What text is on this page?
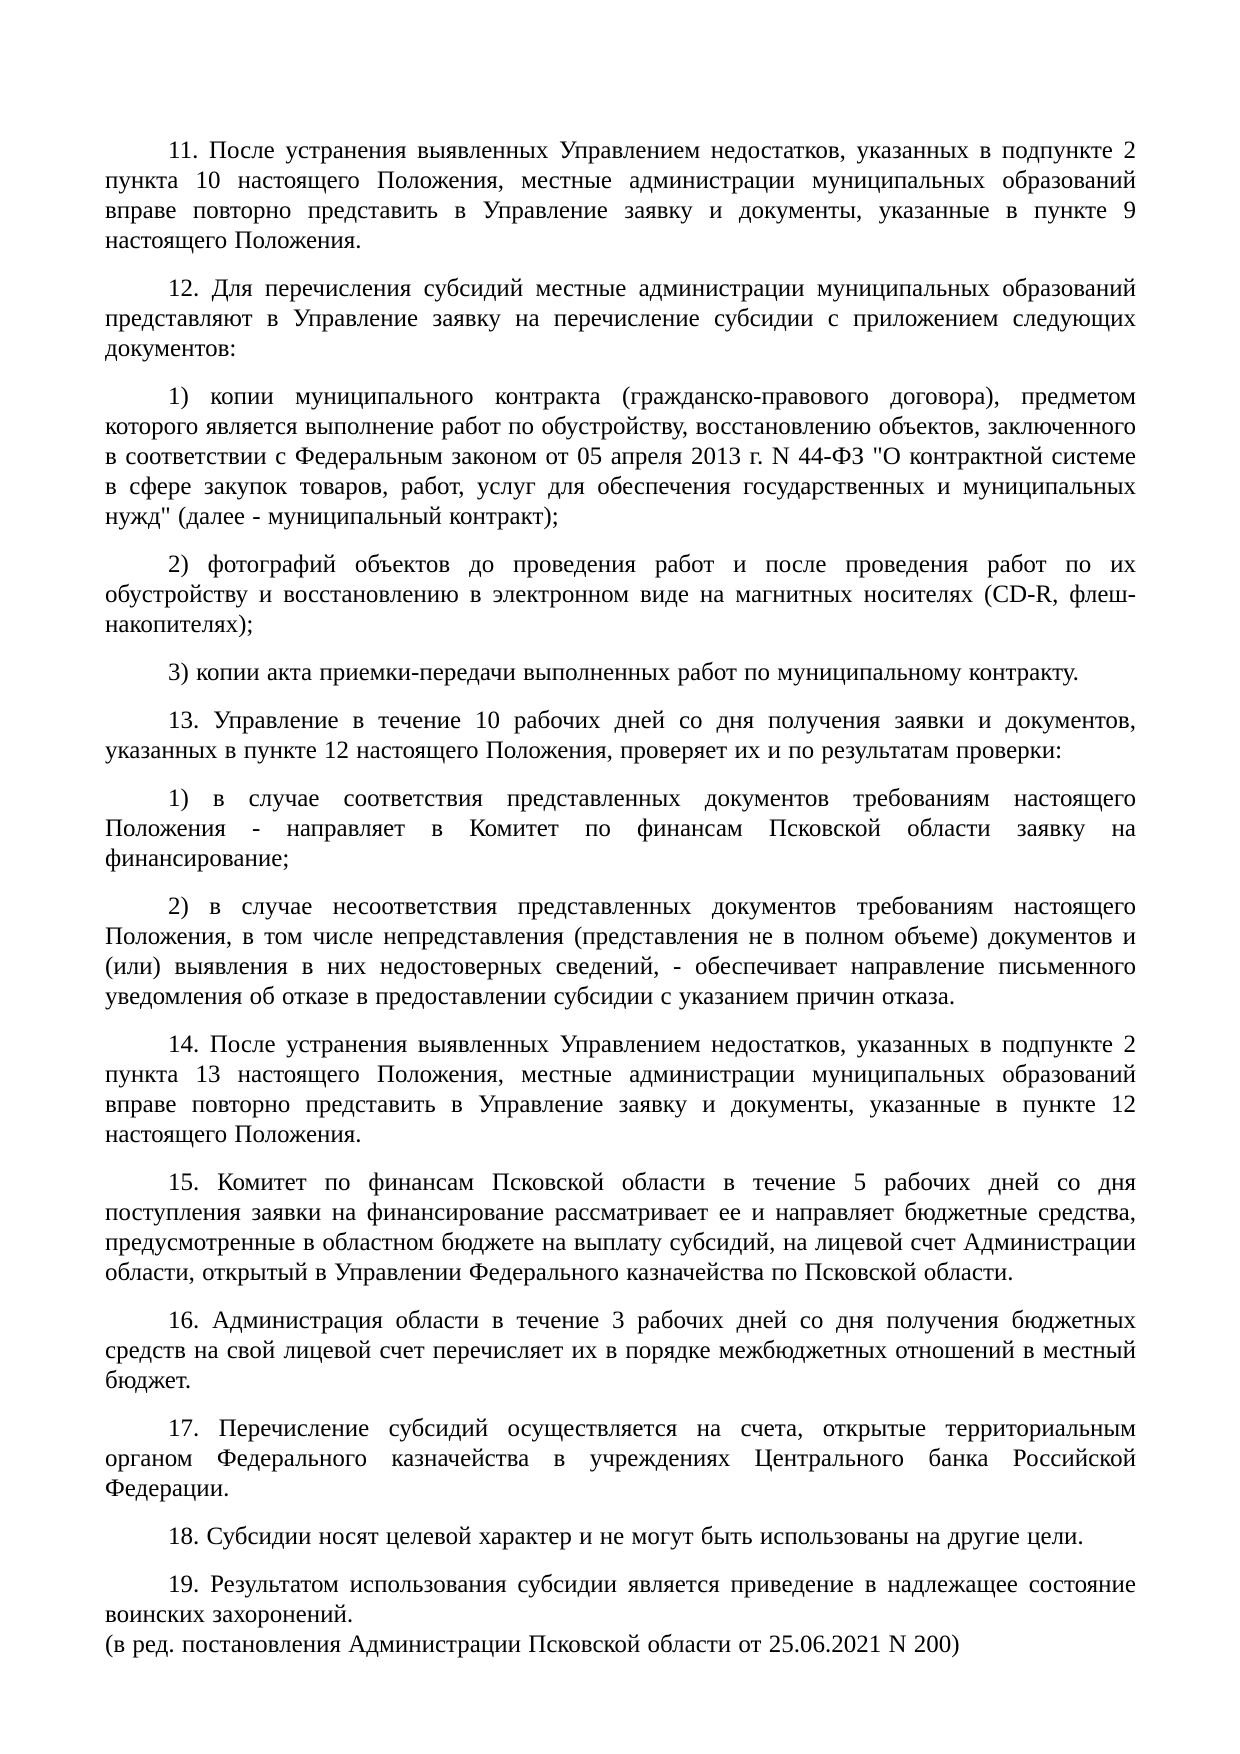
11. После устранения выявленных Управлением недостатков, указанных в подпункте 2 пункта 10 настоящего Положения, местные администрации муниципальных образований вправе повторно представить в Управление заявку и документы, указанные в пункте 9 настоящего Положения.

12. Для перечисления субсидий местные администрации муниципальных образований представляют в Управление заявку на перечисление субсидии с приложением следующих документов:

1) копии муниципального контракта (гражданско-правового договора), предметом которого является выполнение работ по обустройству, восстановлению объектов, заключенного в соответствии с Федеральным законом от 05 апреля 2013 г. N 44-ФЗ "О контрактной системе в сфере закупок товаров, работ, услуг для обеспечения государственных и муниципальных нужд" (далее - муниципальный контракт);

2) фотографий объектов до проведения работ и после проведения работ по их обустройству и восстановлению в электронном виде на магнитных носителях (CD-R, флеш-накопителях);

3) копии акта приемки-передачи выполненных работ по муниципальному контракту.

13. Управление в течение 10 рабочих дней со дня получения заявки и документов, указанных в пункте 12 настоящего Положения, проверяет их и по результатам проверки:

1) в случае соответствия представленных документов требованиям настоящего Положения - направляет в Комитет по финансам Псковской области заявку на финансирование;

2) в случае несоответствия представленных документов требованиям настоящего Положения, в том числе непредставления (представления не в полном объеме) документов и (или) выявления в них недостоверных сведений, - обеспечивает направление письменного уведомления об отказе в предоставлении субсидии с указанием причин отказа.

14. После устранения выявленных Управлением недостатков, указанных в подпункте 2 пункта 13 настоящего Положения, местные администрации муниципальных образований вправе повторно представить в Управление заявку и документы, указанные в пункте 12 настоящего Положения.

15. Комитет по финансам Псковской области в течение 5 рабочих дней со дня поступления заявки на финансирование рассматривает ее и направляет бюджетные средства, предусмотренные в областном бюджете на выплату субсидий, на лицевой счет Администрации области, открытый в Управлении Федерального казначейства по Псковской области.

16. Администрация области в течение 3 рабочих дней со дня получения бюджетных средств на свой лицевой счет перечисляет их в порядке межбюджетных отношений в местный бюджет.

17. Перечисление субсидий осуществляется на счета, открытые территориальным органом Федерального казначейства в учреждениях Центрального банка Российской Федерации.

18. Субсидии носят целевой характер и не могут быть использованы на другие цели.

19. Результатом использования субсидии является приведение в надлежащее состояние воинских захоронений.

(в ред. постановления Администрации Псковской области от 25.06.2021 N 200)
